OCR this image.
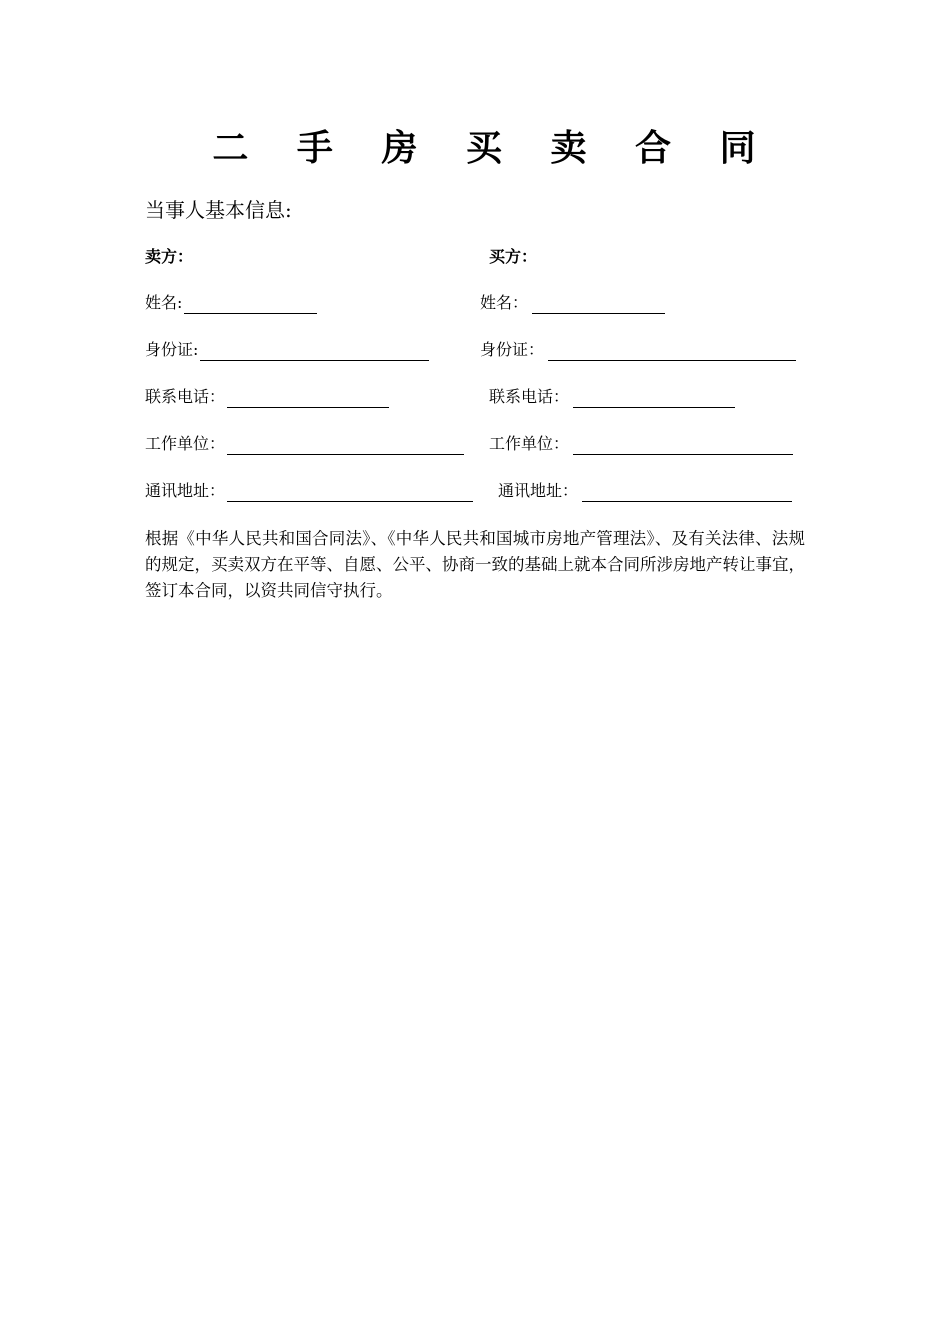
二 手 房 买 卖 合 同
当事人基本信息:
卖方：
姓名:
身份证:
联系电话：
工作单位：
通讯地址：
买方：
姓名：
身份证：
联系电话：
工作单位：
通讯地址：
根据《中华人民共和国合同法》、《中华人民共和国城市房地产管理法》、及有关法律、法规的规定，买卖双方在平等、自愿、公平、协商一致的基础上就本合同所涉房地产转让事宜，签订本合同，以资共同信守执行。
